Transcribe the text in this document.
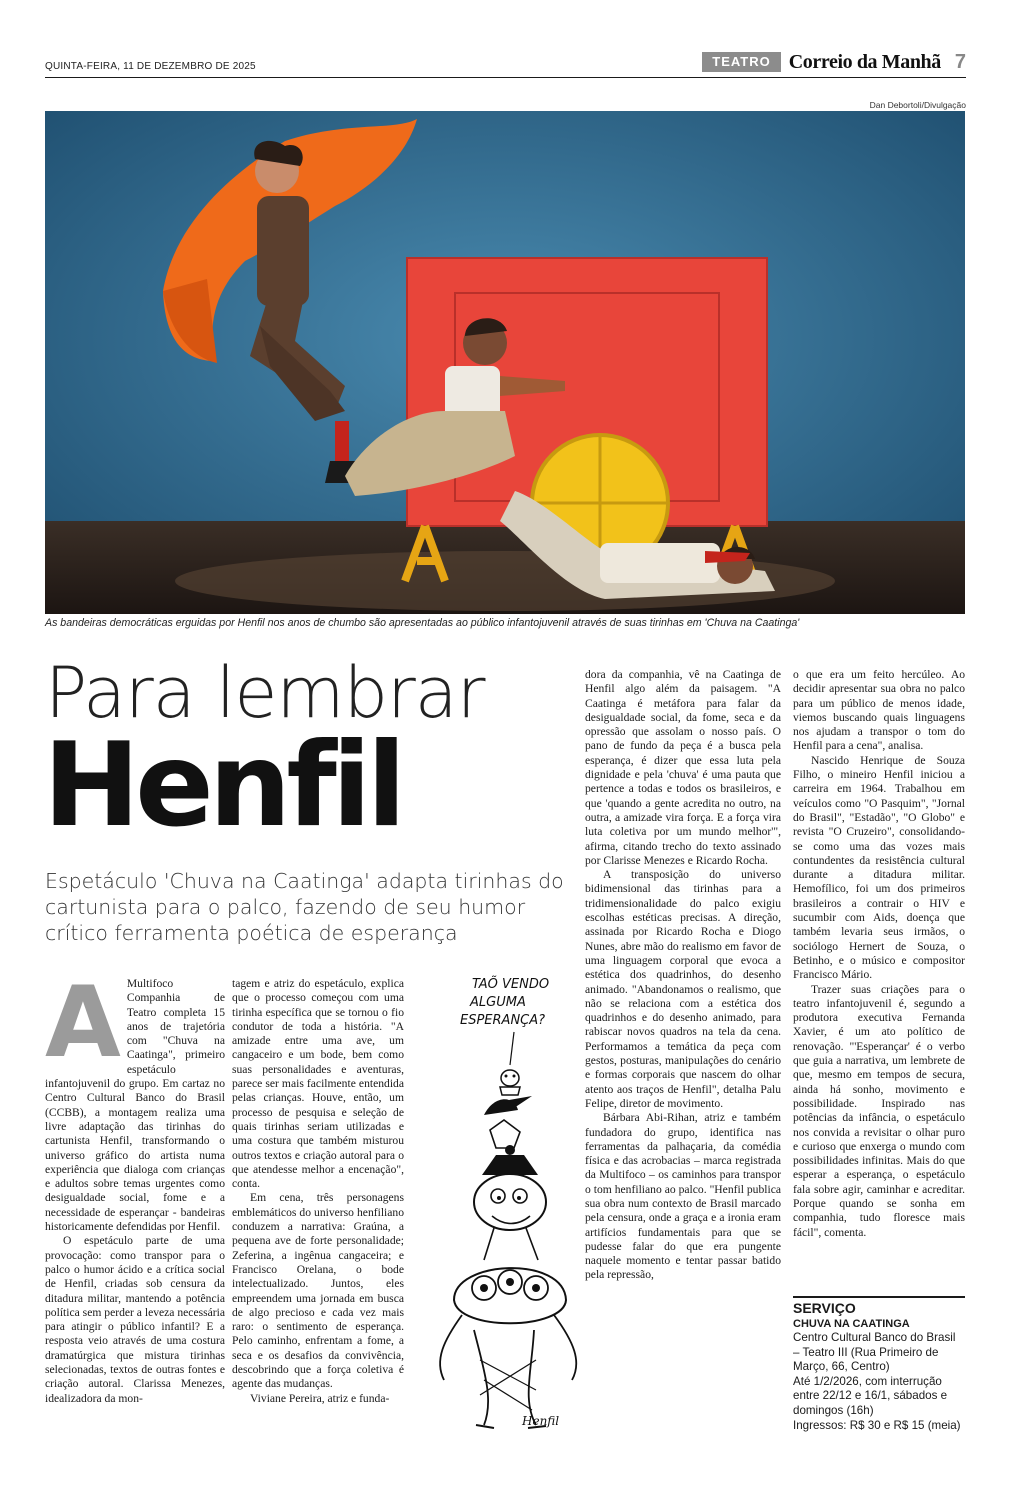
QUINTA-FEIRA, 11 DE DEZEMBRO DE 2025	TEATRO Correio da Manhã 7
Dan Debortoli/Divulgação
As bandeiras democráticas erguidas por Henfil nos anos de chumbo são apresentadas ao público infantojuvenil através de suas tirinhas em 'Chuva na Caatinga'
Para lembrar
Henfil
Espetáculo 'Chuva na Caatinga' adapta tirinhas do cartunista para o palco, fazendo de seu humor crítico ferramenta poética de esperança
A Multifoco Companhia de Teatro completa 15 anos de trajetória com "Chuva na Caatinga", primeiro espetáculo infantojuvenil do grupo. Em cartaz no Centro Cultural Banco do Brasil (CCBB), a montagem realiza uma livre adaptação das tirinhas do cartunista Henfil, transformando o universo gráfico do artista numa experiência que dialoga com crianças e adultos sobre temas urgentes como desigualdade social, fome e a necessidade de esperançar - bandeiras historicamente defendidas por Henfil.

O espetáculo parte de uma provocação: como transpor para o palco o humor ácido e a crítica social de Henfil, criadas sob censura da ditadura militar, mantendo a potência política sem perder a leveza necessária para atingir o público infantil? E a resposta veio através de uma costura dramatúrgica que mistura tirinhas selecionadas, textos de outras fontes e criação autoral. Clarissa Menezes, idealizadora da mon-

tagem e atriz do espetáculo, explica que o processo começou com uma tirinha específica que se tornou o fio condutor de toda a história. "A amizade entre uma ave, um cangaceiro e um bode, bem como suas personalidades e aventuras, parece ser mais facilmente entendida pelas crianças. Houve, então, um processo de pesquisa e seleção de quais tirinhas seriam utilizadas e uma costura que também misturou outros textos e criação autoral para o que atendesse melhor a encenação", conta.

Em cena, três personagens emblemáticos do universo henfiliano conduzem a narrativa: Graúna, a pequena ave de forte personalidade; Zeferina, a ingênua cangaceira; e Francisco Orelana, o bode intelectualizado. Juntos, eles empreendem uma jornada em busca de algo precioso e cada vez mais raro: o sentimento de esperança. Pelo caminho, enfrentam a fome, a seca e os desafios da convivência, descobrindo que a força coletiva é agente das mudanças.

Viviane Pereira, atriz e funda-

TAÕ VENDO
ALGUMA
ESPERANÇA?
Henfil

dora da companhia, vê na Caatinga de Henfil algo além da paisagem. "A Caatinga é metáfora para falar da desigualdade social, da fome, seca e da opressão que assolam o nosso país. O pano de fundo da peça é a busca pela esperança, é dizer que essa luta pela dignidade e pela 'chuva' é uma pauta que pertence a todas e todos os brasileiros, e que 'quando a gente acredita no outro, na outra, a amizade vira força. E a força vira luta coletiva por um mundo melhor'", afirma, citando trecho do texto assinado por Clarisse Menezes e Ricardo Rocha.

A transposição do universo bidimensional das tirinhas para a tridimensionalidade do palco exigiu escolhas estéticas precisas. A direção, assinada por Ricardo Rocha e Diogo Nunes, abre mão do realismo em favor de uma linguagem corporal que evoca a estética dos quadrinhos, do desenho animado. "Abandonamos o realismo, que não se relaciona com a estética dos quadrinhos e do desenho animado, para rabiscar novos quadros na tela da cena. Performamos a temática da peça com gestos, posturas, manipulações do cenário e formas corporais que nascem do olhar atento aos traços de Henfil", detalha Palu Felipe, diretor de movimento.

Bárbara Abi-Rihan, atriz e também fundadora do grupo, identifica nas ferramentas da palhaçaria, da comédia física e das acrobacias – marca registrada da Multifoco – os caminhos para transpor o tom henfiliano ao palco. "Henfil publica sua obra num contexto de Brasil marcado pela censura, onde a graça e a ironia eram artifícios fundamentais para que se pudesse falar do que era pungente naquele momento e tentar passar batido pela repressão,

o que era um feito hercúleo. Ao decidir apresentar sua obra no palco para um público de menos idade, viemos buscando quais linguagens nos ajudam a transpor o tom do Henfil para a cena", analisa.

Nascido Henrique de Souza Filho, o mineiro Henfil iniciou a carreira em 1964. Trabalhou em veículos como "O Pasquim", "Jornal do Brasil", "Estadão", "O Globo" e revista "O Cruzeiro", consolidando-se como uma das vozes mais contundentes da resistência cultural durante a ditadura militar. Hemofílico, foi um dos primeiros brasileiros a contrair o HIV e sucumbir com Aids, doença que também levaria seus irmãos, o sociólogo Hernert de Souza, o Betinho, e o músico e compositor Francisco Mário.

Trazer suas criações para o teatro infantojuvenil é, segundo a produtora executiva Fernanda Xavier, é um ato político de renovação. "'Esperançar' é o verbo que guia a narrativa, um lembrete de que, mesmo em tempos de secura, ainda há sonho, movimento e possibilidade. Inspirado nas potências da infância, o espetáculo nos convida a revisitar o olhar puro e curioso que enxerga o mundo com possibilidades infinitas. Mais do que esperar a esperança, o espetáculo fala sobre agir, caminhar e acreditar. Porque quando se sonha em companhia, tudo floresce mais fácil", comenta.

SERVIÇO
CHUVA NA CAATINGA
Centro Cultural Banco do Brasil – Teatro III (Rua Primeiro de Março, 66, Centro)
Até 1/2/2026, com interrução entre 22/12 e 16/1, sábados e domingos (16h)
Ingressos: R$ 30 e R$ 15 (meia)
